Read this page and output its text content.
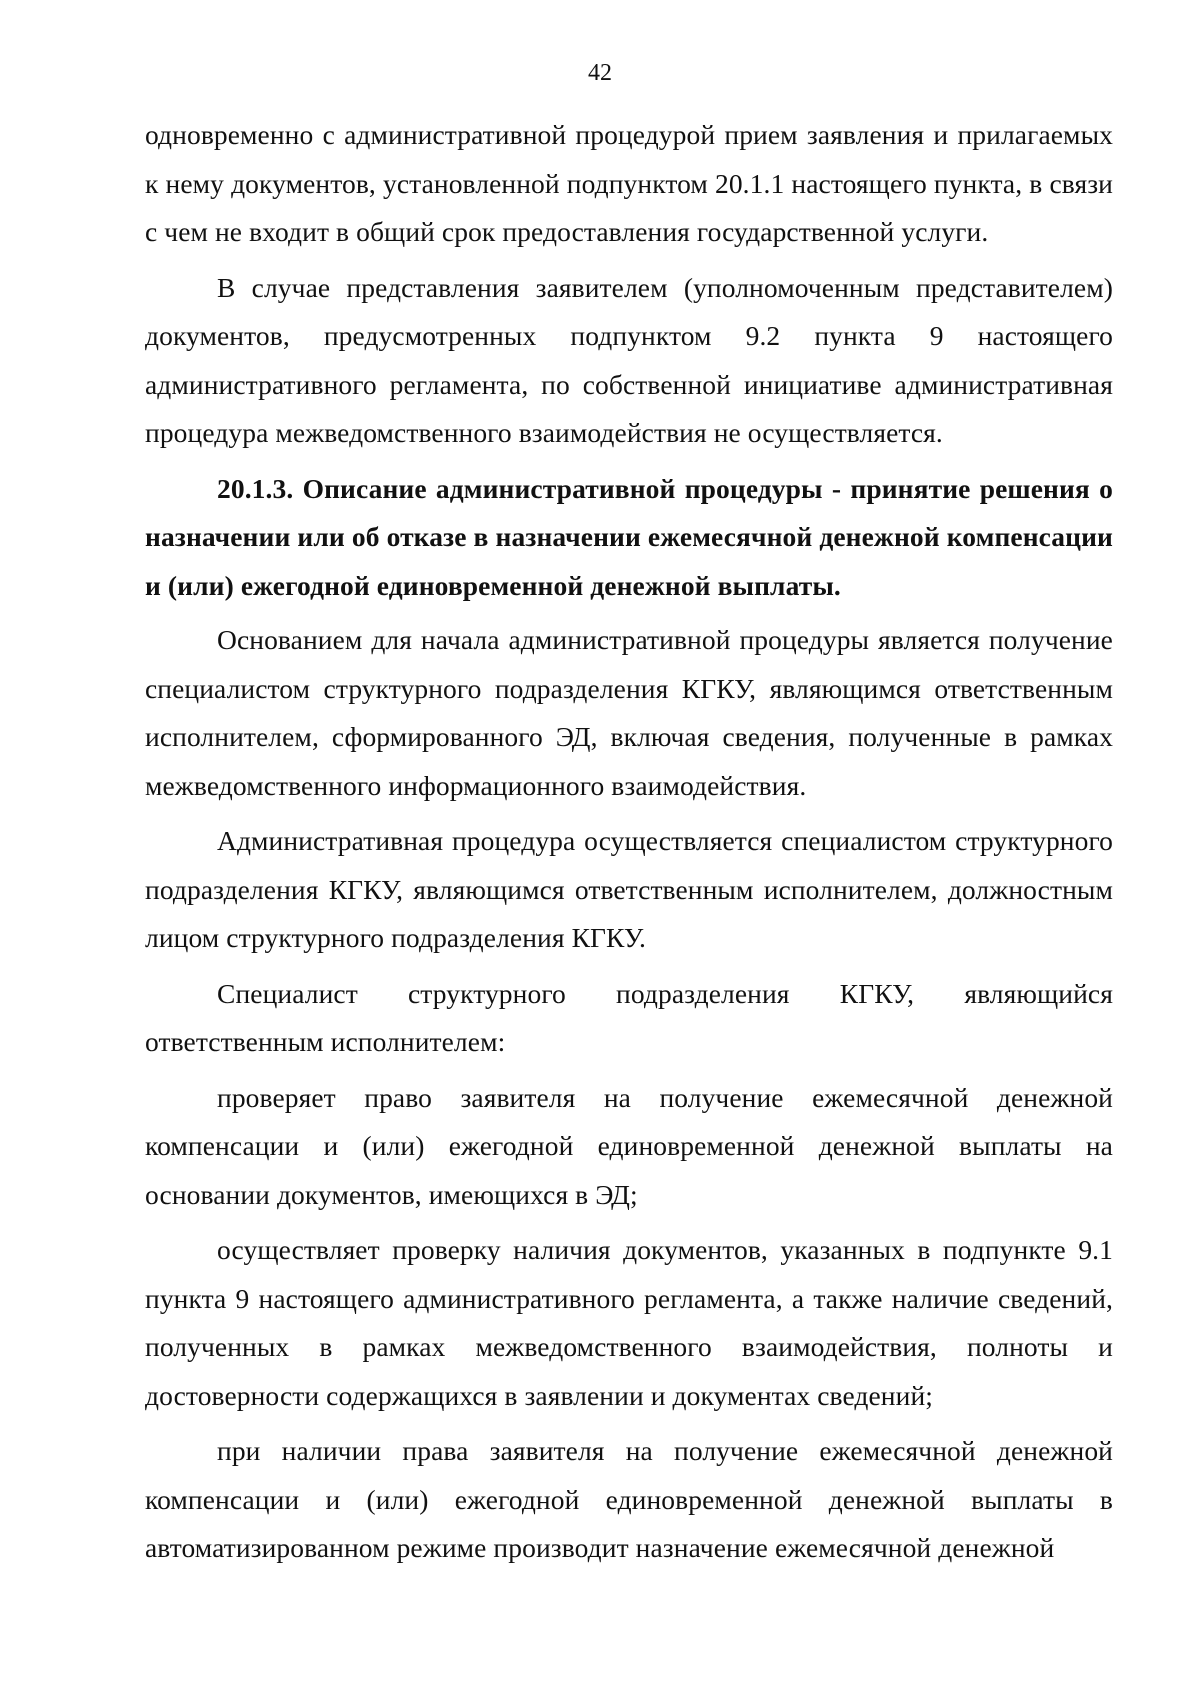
42

одновременно с административной процедурой прием заявления и прилагаемых к нему документов, установленной подпунктом 20.1.1 настоящего пункта, в связи с чем не входит в общий срок предоставления государственной услуги.

В случае представления заявителем (уполномоченным представителем) документов, предусмотренных подпунктом 9.2 пункта 9 настоящего административного регламента, по собственной инициативе административная процедура межведомственного взаимодействия не осуществляется.

20.1.3. Описание административной процедуры - принятие решения о назначении или об отказе в назначении ежемесячной денежной компенсации и (или) ежегодной единовременной денежной выплаты.

Основанием для начала административной процедуры является получение специалистом структурного подразделения КГКУ, являющимся ответственным исполнителем, сформированного ЭД, включая сведения, полученные в рамках межведомственного информационного взаимодействия.

Административная процедура осуществляется специалистом структурного подразделения КГКУ, являющимся ответственным исполнителем, должностным лицом структурного подразделения КГКУ.

Специалист структурного подразделения КГКУ, являющийся ответственным исполнителем:

проверяет право заявителя на получение ежемесячной денежной компенсации и (или) ежегодной единовременной денежной выплаты на основании документов, имеющихся в ЭД;

осуществляет проверку наличия документов, указанных в подпункте 9.1 пункта 9 настоящего административного регламента, а также наличие сведений, полученных в рамках межведомственного взаимодействия, полноты и достоверности содержащихся в заявлении и документах сведений;

при наличии права заявителя на получение ежемесячной денежной компенсации и (или) ежегодной единовременной денежной выплаты в автоматизированном режиме производит назначение ежемесячной денежной
